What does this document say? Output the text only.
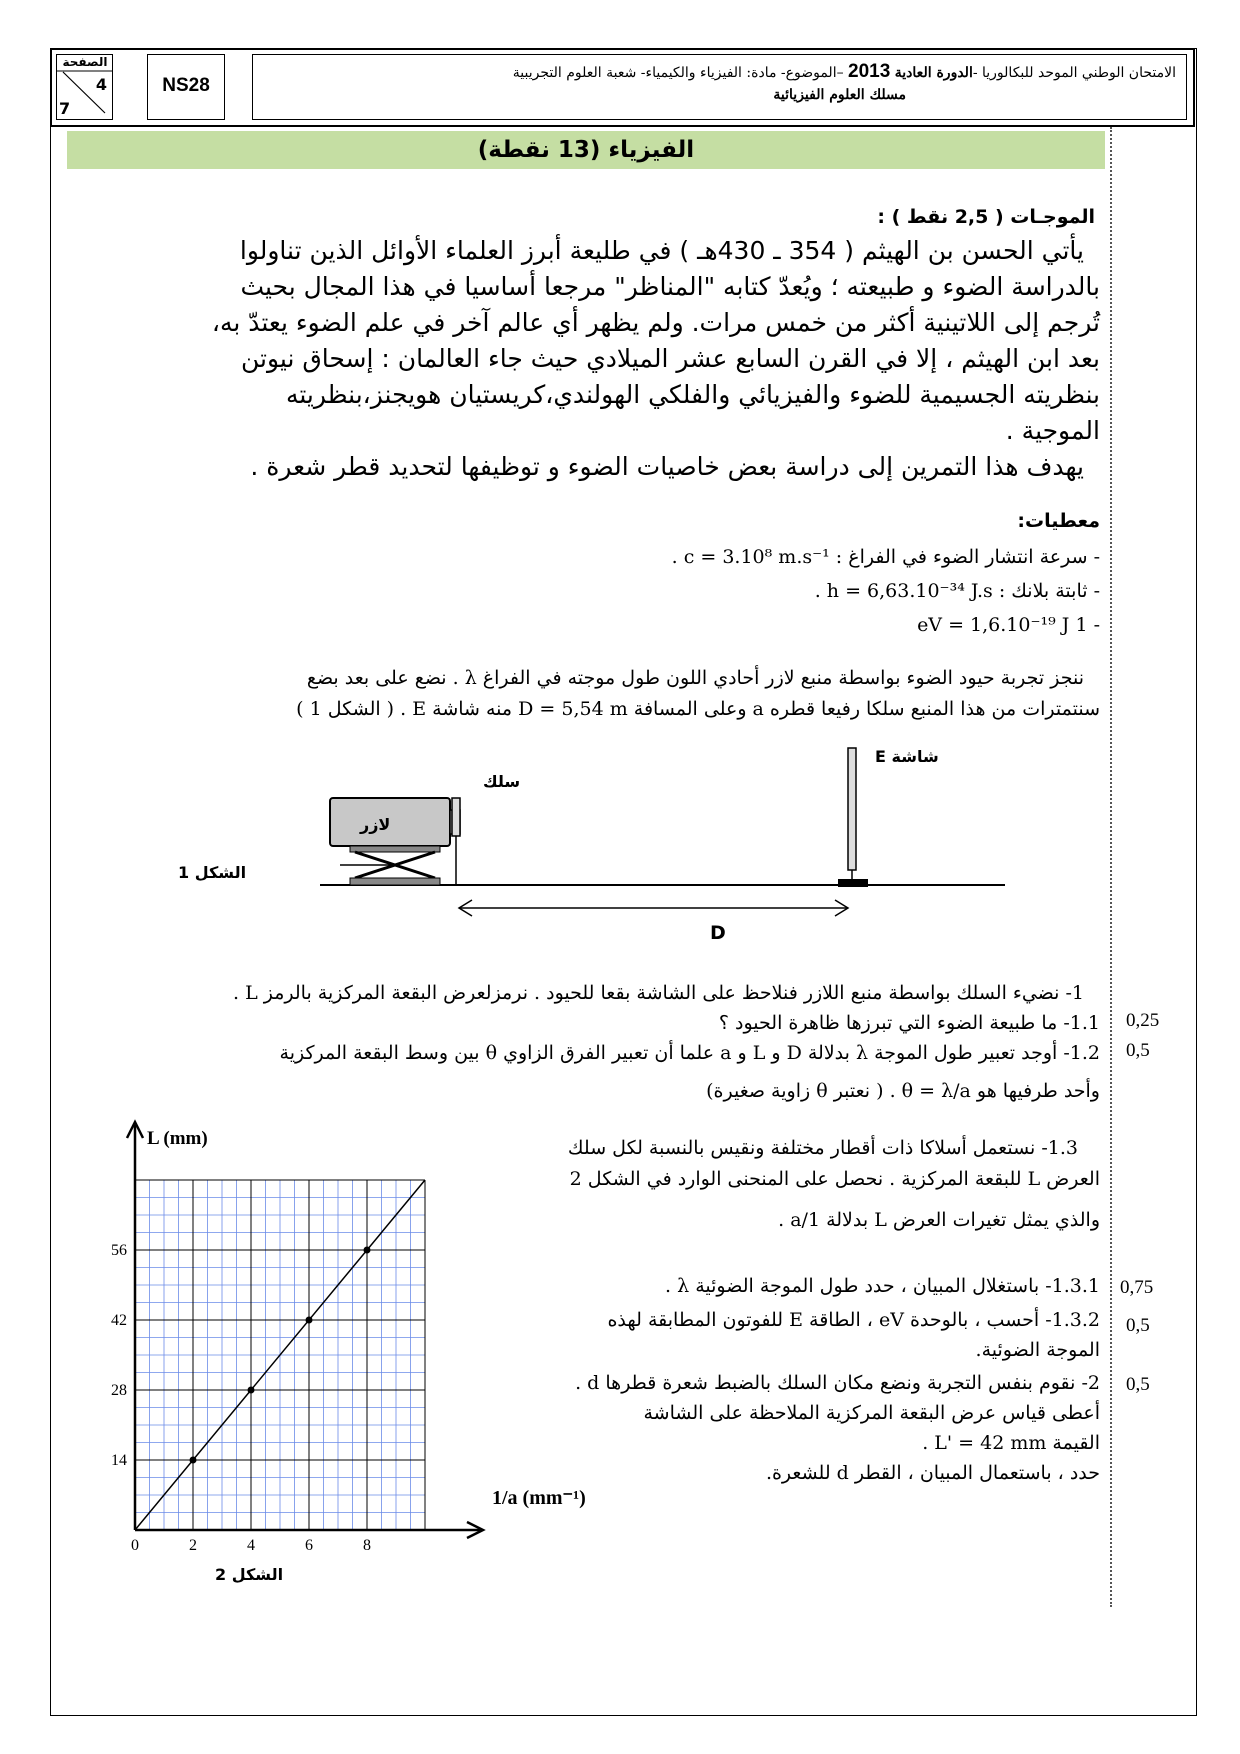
الامتحان الوطني الموحد للبكالوريا -الدورة العادية 2013 –الموضوع- مادة: الفيزياء والكيمياء- شعبة العلوم التجريبية
مسلك العلوم الفيزيائية
NS28
الصفحة
4
7
الفيزياء (13 نقطة)
الموجـات ( 2,5 نقط ) :
يأتي الحسن بن الهيثم ( 354 ـ 430هـ ) في طليعة أبرز العلماء الأوائل الذين تناولوا
بالدراسة الضوء و طبيعته ؛ ويُعدّ كتابه "المناظر" مرجعا أساسيا في هذا المجال بحيث
تُرجم إلى اللاتينية أكثر من خمس مرات. ولم يظهر أي عالم آخر في علم الضوء يعتدّ به،
بعد ابن الهيثم ، إلا في القرن السابع عشر الميلادي حيث جاء العالمان : إسحاق نيوتن
بنظريته الجسيمية للضوء والفيزيائي والفلكي الهولندي،كريستيان هويجنز،بنظريته
الموجية .
يهدف هذا التمرين إلى دراسة بعض خاصيات الضوء و توظيفها لتحديد قطر شعرة .
معطيات:
- سرعة انتشار الضوء في الفراغ : c = 3.10⁸ m.s⁻¹ .
- ثابتة بلانك : h = 6,63.10⁻³⁴ J.s .
- 1 eV = 1,6.10⁻¹⁹ J
ننجز تجربة حيود الضوء بواسطة منبع لازر أحادي اللون طول موجته في الفراغ λ . نضع على بعد بضع
سنتمترات من هذا المنبع سلكا رفيعا قطره a وعلى المسافة D = 5,54 m منه شاشة E . ( الشكل 1 )
شاشة E
سلك
لازر
الشكل 1
D
1- نضيء السلك بواسطة منبع اللازر فنلاحظ على الشاشة بقعا للحيود . نرمزلعرض البقعة المركزية بالرمز L .
1.1- ما طبيعة الضوء التي تبرزها ظاهرة الحيود ؟
1.2- أوجد تعبير طول الموجة λ بدلالة D و L و a علما أن تعبير الفرق الزاوي θ بين وسط البقعة المركزية
وأحد طرفيها هو θ = λ/a . ( نعتبر θ زاوية صغيرة)
0,25
0,5
1.3- نستعمل أسلاكا ذات أقطار مختلفة ونقيس بالنسبة لكل سلك
العرض L للبقعة المركزية . نحصل على المنحنى الوارد في الشكل 2
والذي يمثل تغيرات العرض L بدلالة 1/a .
1.3.1- باستغلال المبيان ، حدد طول الموجة الضوئية λ . 0,75
1.3.2- أحسب ، بالوحدة eV ، الطاقة E للفوتون المطابقة لهذه
الموجة الضوئية.
0,5
2- نقوم بنفس التجربة ونضع مكان السلك بالضبط شعرة قطرها d .
أعطى قياس عرض البقعة المركزية الملاحظة على الشاشة
القيمة L' = 42 mm .
حدد ، باستعمال المبيان ، القطر d للشعرة.
0,5
0	2	4	6	8
14
28
42
56
L (mm)
1/a (mm⁻¹)
الشكل 2
